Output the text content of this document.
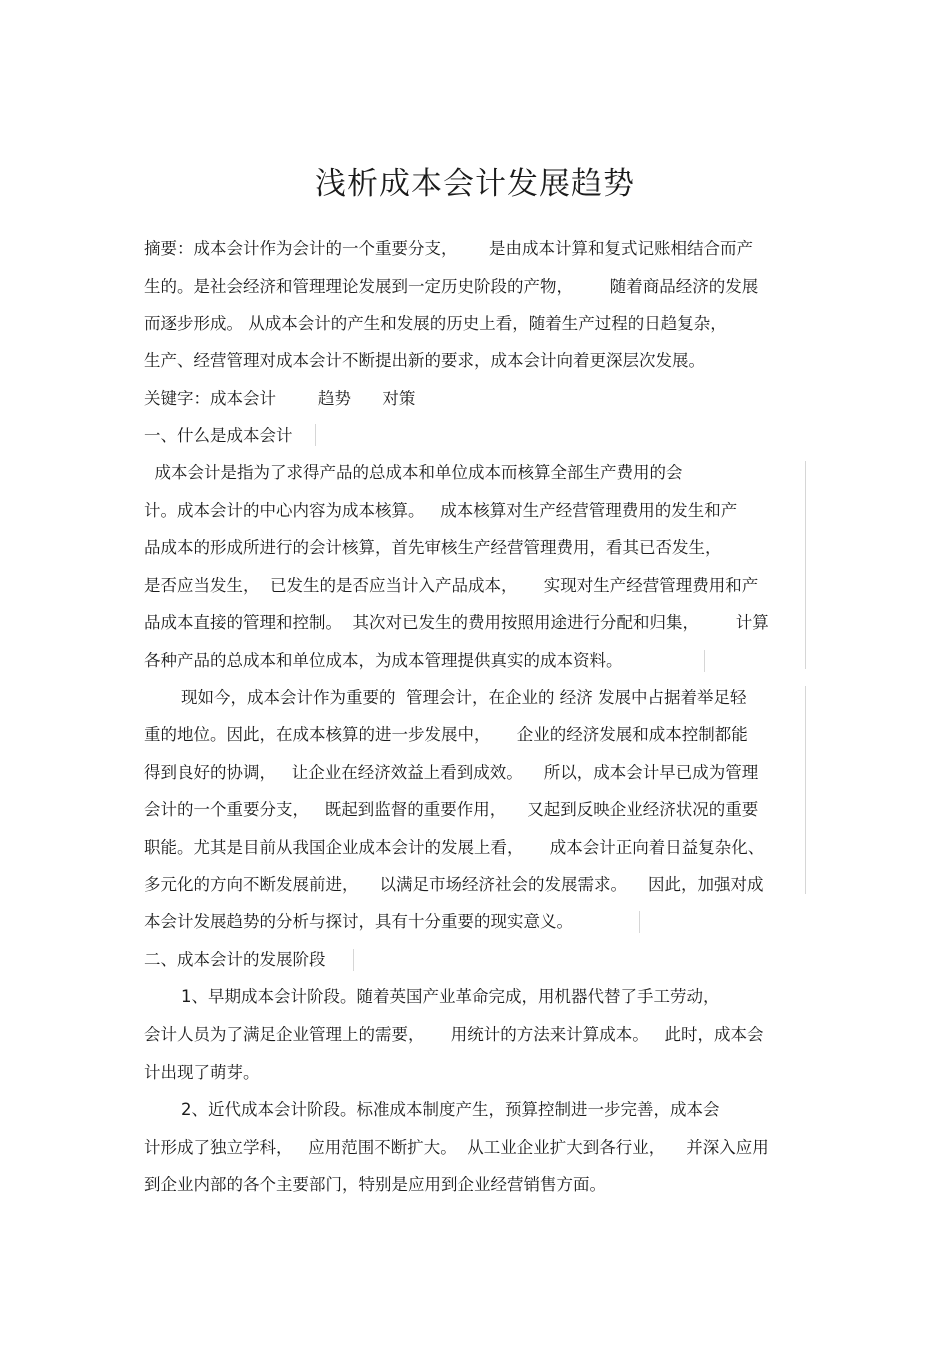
浅析成本会计发展趋势
摘要：成本会计作为会计的一个重要分支，      是由成本计算和复式记账相结合而产
生的。是社会经济和管理理论发展到一定历史阶段的产物，       随着商品经济的发展
而逐步形成。 从成本会计的产生和发展的历史上看，随着生产过程的日趋复杂，
生产、经营管理对成本会计不断提出新的要求，成本会计向着更深层次发展。
关键字：成本会计        趋势      对策
一、什么是成本会计
成本会计是指为了求得产品的总成本和单位成本而核算全部生产费用的会
计。成本会计的中心内容为成本核算。   成本核算对生产经营管理费用的发生和产
品成本的形成所进行的会计核算，首先审核生产经营管理费用，看其已否发生，
是否应当发生，  已发生的是否应当计入产品成本，     实现对生产经营管理费用和产
品成本直接的管理和控制。  其次对已发生的费用按照用途进行分配和归集，       计算
各种产品的总成本和单位成本，为成本管理提供真实的成本资料。
现如今，成本会计作为重要的  管理会计，在企业的 经济 发展中占据着举足轻
重的地位。因此，在成本核算的进一步发展中，     企业的经济发展和成本控制都能
得到良好的协调，   让企业在经济效益上看到成效。    所以，成本会计早已成为管理
会计的一个重要分支，   既起到监督的重要作用，    又起到反映企业经济状况的重要
职能。尤其是目前从我国企业成本会计的发展上看，     成本会计正向着日益复杂化、
多元化的方向不断发展前进，    以满足市场经济社会的发展需求。    因此，加强对成
本会计发展趋势的分析与探讨，具有十分重要的现实意义。
二、成本会计的发展阶段
1、早期成本会计阶段。随着英国产业革命完成，用机器代替了手工劳动，
会计人员为了满足企业管理上的需要，     用统计的方法来计算成本。   此时，成本会
计出现了萌芽。
2、近代成本会计阶段。标准成本制度产生，预算控制进一步完善，成本会
计形成了独立学科，   应用范围不断扩大。  从工业企业扩大到各行业，    并深入应用
到企业内部的各个主要部门，特别是应用到企业经营销售方面。
